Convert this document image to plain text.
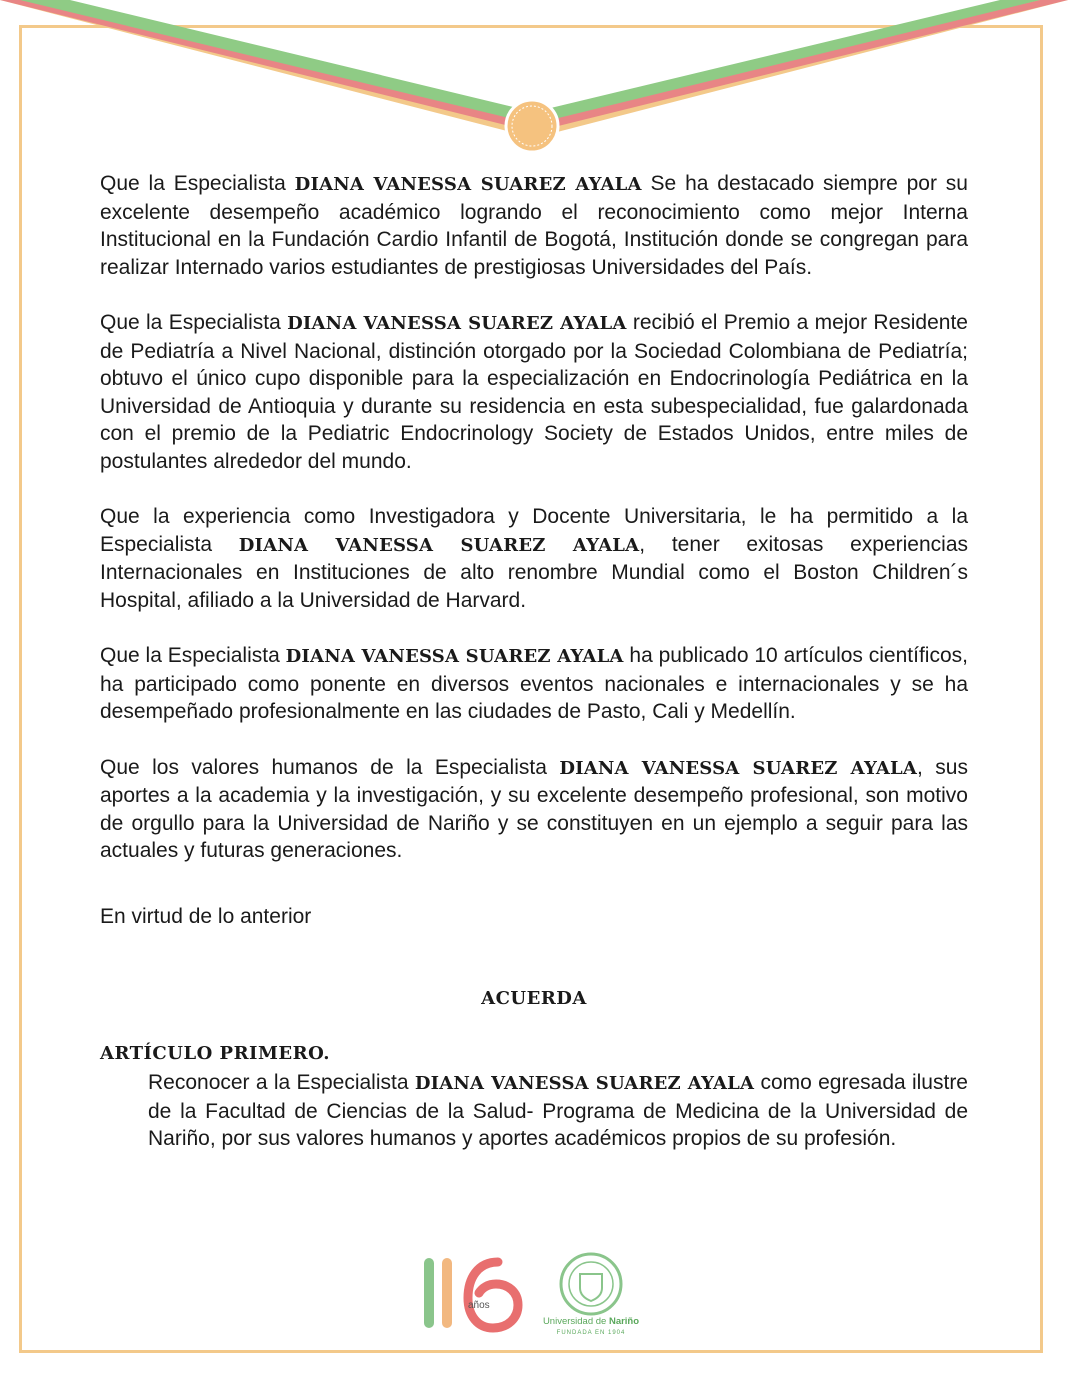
Que la Especialista DIANA VANESSA SUAREZ AYALA Se ha destacado siempre por su excelente desempeño académico logrando el reconocimiento como mejor Interna Institucional en la Fundación Cardio Infantil de Bogotá, Institución donde se congregan para realizar Internado varios estudiantes de prestigiosas Universidades del País.

Que la Especialista DIANA VANESSA SUAREZ AYALA recibió el Premio a mejor Residente de Pediatría a Nivel Nacional, distinción otorgado por la Sociedad Colombiana de Pediatría; obtuvo el único cupo disponible para la especialización en Endocrinología Pediátrica en la Universidad de Antioquia y durante su residencia en esta subespecialidad, fue galardonada con el premio de la Pediatric Endocrinology Society de Estados Unidos, entre miles de postulantes alrededor del mundo.

Que la experiencia como Investigadora y Docente Universitaria, le ha permitido a la Especialista DIANA VANESSA SUAREZ AYALA, tener exitosas experiencias Internacionales en Instituciones de alto renombre Mundial como el Boston Children´s Hospital, afiliado a la Universidad de Harvard.

Que la Especialista DIANA VANESSA SUAREZ AYALA ha publicado 10 artículos científicos, ha participado como ponente en diversos eventos nacionales e internacionales y se ha desempeñado profesionalmente en las ciudades de Pasto, Cali y Medellín.

Que los valores humanos de la Especialista DIANA VANESSA SUAREZ AYALA, sus aportes a la academia y la investigación, y su excelente desempeño profesional, son motivo de orgullo para la Universidad de Nariño y se constituyen en un ejemplo a seguir para las actuales y futuras generaciones.

En virtud de lo anterior
ACUERDA
ARTÍCULO PRIMERO.
Reconocer a la Especialista DIANA VANESSA SUAREZ AYALA como egresada ilustre de la Facultad de Ciencias de la Salud- Programa de Medicina de la Universidad de Nariño, por sus valores humanos y aportes académicos propios de su profesión.
años
Universidad de Nariño
FUNDADA EN 1904
